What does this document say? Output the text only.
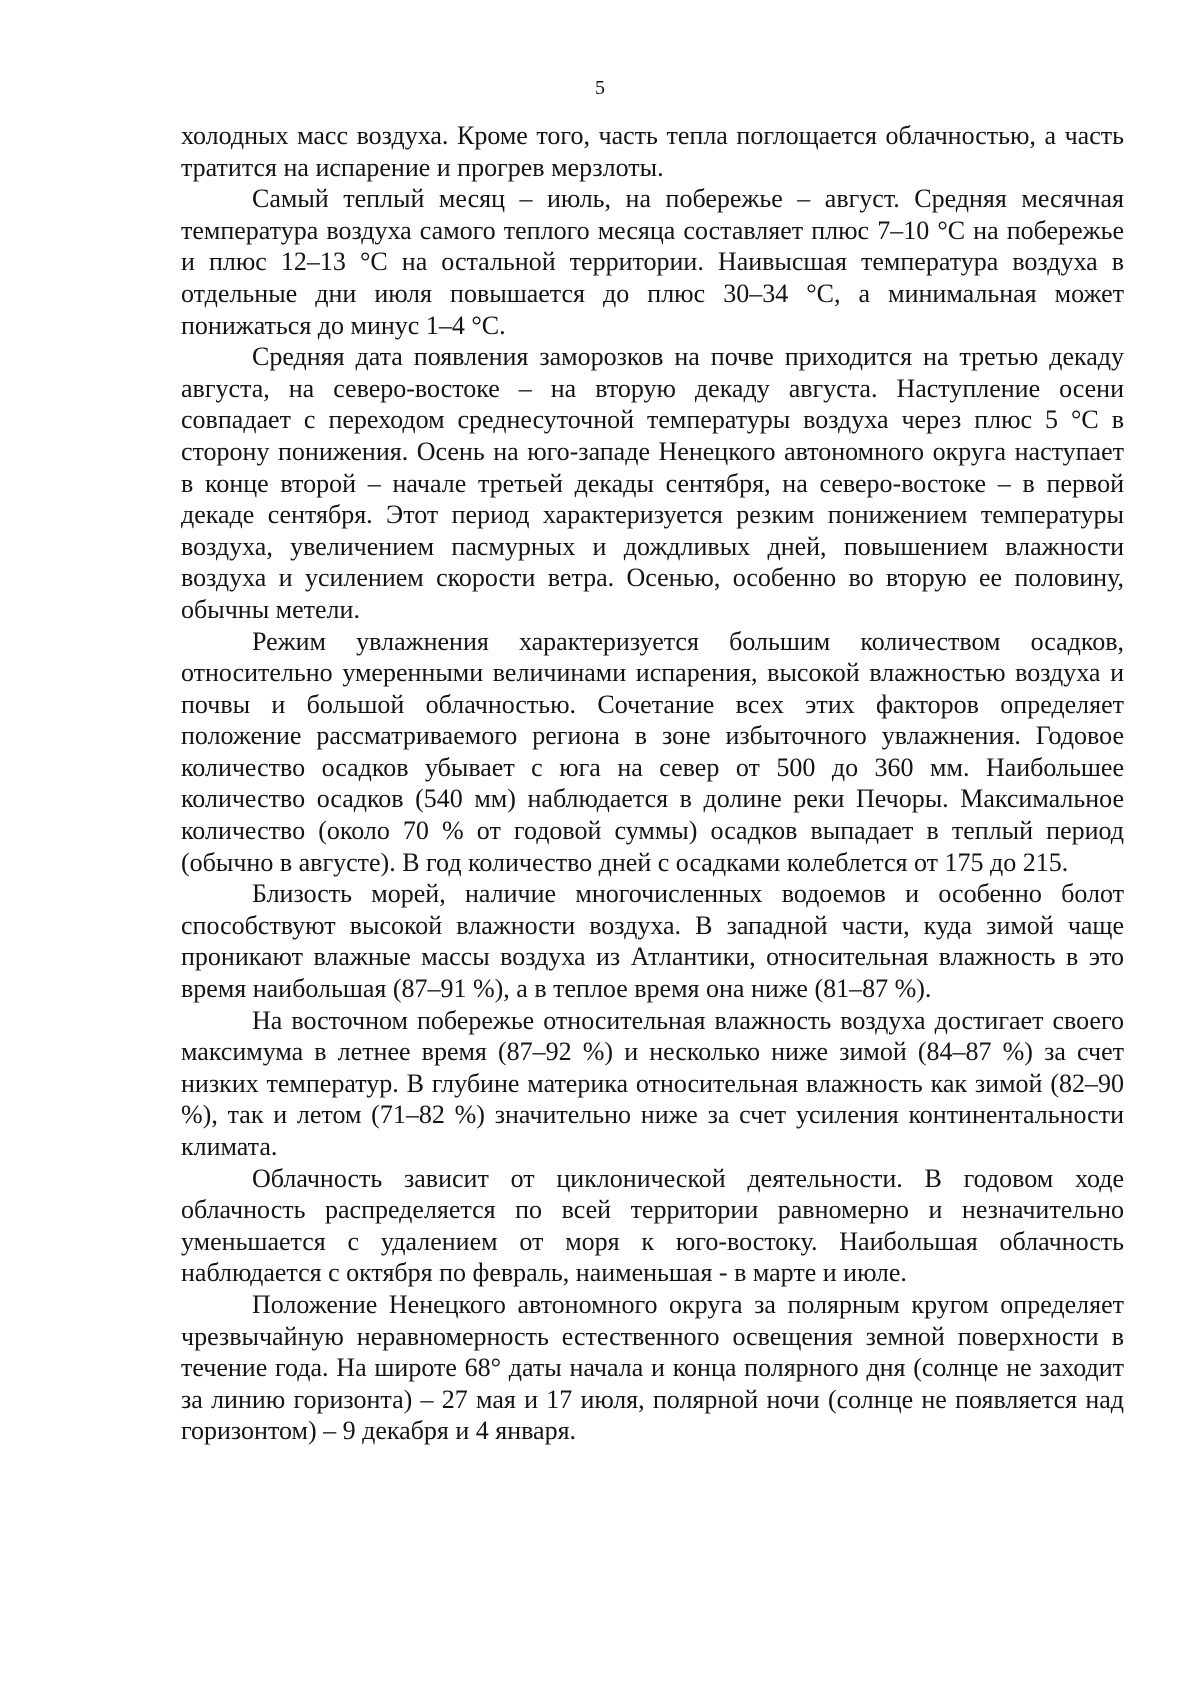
5

холодных масс воздуха. Кроме того, часть тепла поглощается облачностью, а часть тратится на испарение и прогрев мерзлоты.

Самый теплый месяц – июль, на побережье – август. Средняя месячная температура воздуха самого теплого месяца составляет плюс 7–10 °С на побережье и плюс 12–13 °С на остальной территории. Наивысшая температура воздуха в отдельные дни июля повышается до плюс 30–34 °С, а минимальная может понижаться до минус 1–4 °С.

Средняя дата появления заморозков на почве приходится на третью декаду августа, на северо-востоке – на вторую декаду августа. Наступление осени совпадает с переходом среднесуточной температуры воздуха через плюс 5 °С в сторону понижения. Осень на юго-западе Ненецкого автономного округа наступает в конце второй – начале третьей декады сентября, на северо-востоке – в первой декаде сентября. Этот период характеризуется резким понижением температуры воздуха, увеличением пасмурных и дождливых дней, повышением влажности воздуха и усилением скорости ветра. Осенью, особенно во вторую ее половину, обычны метели.

Режим увлажнения характеризуется большим количеством осадков, относительно умеренными величинами испарения, высокой влажностью воздуха и почвы и большой облачностью. Сочетание всех этих факторов определяет положение рассматриваемого региона в зоне избыточного увлажнения. Годовое количество осадков убывает с юга на север от 500 до 360 мм. Наибольшее количество осадков (540 мм) наблюдается в долине реки Печоры. Максимальное количество (около 70 % от годовой суммы) осадков выпадает в теплый период (обычно в августе). В год количество дней с осадками колеблется от 175 до 215.

Близость морей, наличие многочисленных водоемов и особенно болот способствуют высокой влажности воздуха. В западной части, куда зимой чаще проникают влажные массы воздуха из Атлантики, относительная влажность в это время наибольшая (87–91 %), а в теплое время она ниже (81–87 %).

На восточном побережье относительная влажность воздуха достигает своего максимума в летнее время (87–92 %) и несколько ниже зимой (84–87 %) за счет низких температур. В глубине материка относительная влажность как зимой (82–90 %), так и летом (71–82 %) значительно ниже за счет усиления континентальности климата.

Облачность зависит от циклонической деятельности. В годовом ходе облачность распределяется по всей территории равномерно и незначительно уменьшается с удалением от моря к юго-востоку. Наибольшая облачность наблюдается с октября по февраль, наименьшая - в марте и июле.

Положение Ненецкого автономного округа за полярным кругом определяет чрезвычайную неравномерность естественного освещения земной поверхности в течение года. На широте 68° даты начала и конца полярного дня (солнце не заходит за линию горизонта) – 27 мая и 17 июля, полярной ночи (солнце не появляется над горизонтом) – 9 декабря и 4 января.
